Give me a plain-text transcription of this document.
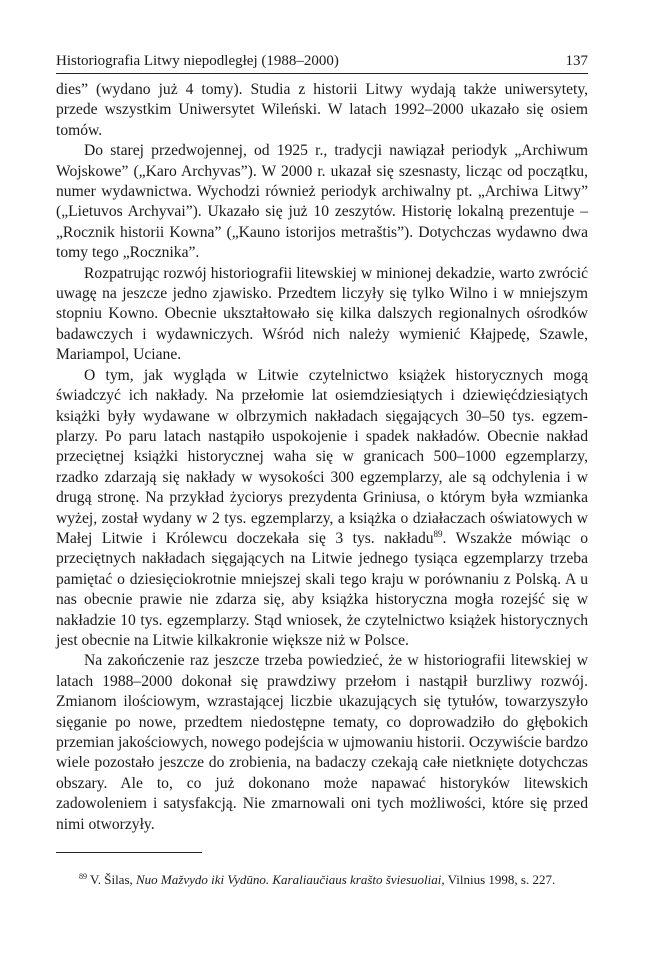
Historiografia Litwy niepodległej (1988–2000)	137

dies” (wydano już 4 tomy). Studia z historii Litwy wydają także uniwersytety, przede wszystkim Uniwersytet Wileński. W latach 1992–2000 ukazało się osiem tomów.

Do starej przedwojennej, od 1925 r., tradycji nawiązał periodyk „Archiwum Wojskowe” („Karo Archyvas”). W 2000 r. ukazał się szesnasty, licząc od początku, numer wydawnictwa. Wychodzi również periodyk archiwalny pt. „Archiwa Litwy” („Lietuvos Archyvai”). Ukazało się już 10 zeszytów. Historię lokalną prezentuje – „Rocznik historii Kowna” („Kauno istorijos metraštis”). Dotychczas wydawno dwa tomy tego „Rocznika”.

Rozpatrując rozwój historiografii litewskiej w minionej dekadzie, warto zwrócić uwagę na jeszcze jedno zjawisko. Przedtem liczyły się tylko Wilno i w mniejszym stopniu Kowno. Obecnie ukształtowało się kilka dalszych regionalnych ośrodków badawczych i wydawniczych. Wśród nich należy wymienić Kłajpedę, Szawle, Mariampol, Uciane.

O tym, jak wygląda w Litwie czytelnictwo książek historycznych mogą świadczyć ich nakłady. Na przełomie lat osiemdziesiątych i dziewięćdziesiątych książki były wydawane w olbrzymich nakładach sięgających 30–50 tys. egzemplarzy. Po paru latach nastąpiło uspokojenie i spadek nakładów. Obecnie nakład przeciętnej książki historycznej waha się w granicach 500–1000 egzemplarzy, rzadko zdarzają się nakłady w wysokości 300 egzemplarzy, ale są odchylenia i w drugą stronę. Na przykład życiorys prezydenta Griniusa, o którym była wzmianka wyżej, został wydany w 2 tys. egzemplarzy, a książka o działaczach oświatowych w Małej Litwie i Królewcu doczekała się 3 tys. nakładu$^{89}$. Wszakże mówiąc o przeciętnych nakładach sięgających na Litwie jednego tysiąca egzemplarzy trzeba pamiętać o dziesięciokrotnie mniejszej skali tego kraju w porównaniu z Polską. A u nas obecnie prawie nie zdarza się, aby książka historyczna mogła rozejść się w nakładzie 10 tys. egzemplarzy. Stąd wniosek, że czytelnictwo książek historycznych jest obecnie na Litwie kilkakronie większe niż w Polsce.

Na zakończenie raz jeszcze trzeba powiedzieć, że w historiografii litewskiej w latach 1988–2000 dokonał się prawdziwy przełom i nastąpił burzliwy rozwój. Zmianom ilościowym, wzrastającej liczbie ukazujących się tytułów, towarzyszyło sięganie po nowe, przedtem niedostępne tematy, co doprowadziło do głębokich przemian jakościowych, nowego podejścia w ujmowaniu historii. Oczywiście bardzo wiele pozostało jeszcze do zrobienia, na badaczy czekają całe nietknięte dotychczas obszary. Ale to, co już dokonano może napawać historyków litewskich zadowoleniem i satysfakcją. Nie zmarnowali oni tych możliwości, które się przed nimi otworzyły.

$^{89}$ V. Šilas, Nuo Mažvydo iki Vydūno. Karaliaučiaus krašto šviesuoliai, Vilnius 1998, s. 227.
